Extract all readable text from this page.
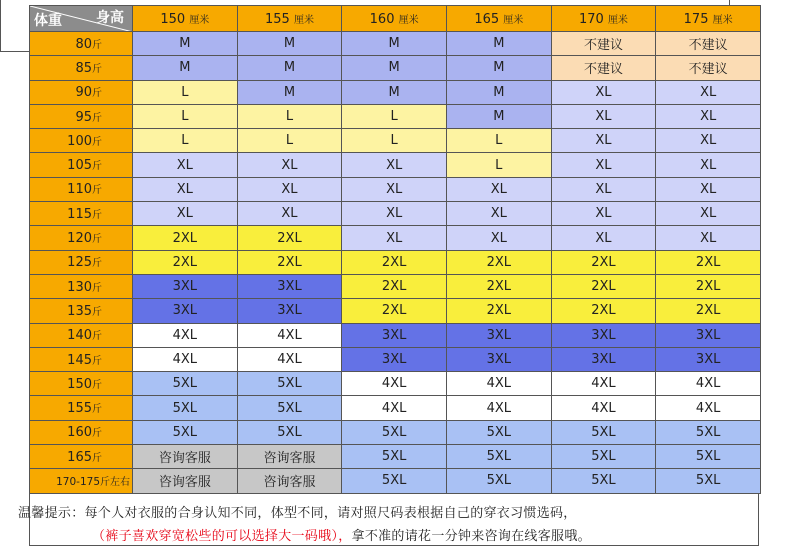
身高
体重	150 厘米	155 厘米	160 厘米	165 厘米	170 厘米	175 厘米
80斤	M	M	M	M	不建议	不建议
85斤	M	M	M	M	不建议	不建议
90斤	L	M	M	M	XL	XL
95斤	L	L	L	M	XL	XL
100斤	L	L	L	L	XL	XL
105斤	XL	XL	XL	L	XL	XL
110斤	XL	XL	XL	XL	XL	XL
115斤	XL	XL	XL	XL	XL	XL
120斤	2XL	2XL	XL	XL	XL	XL
125斤	2XL	2XL	2XL	2XL	2XL	2XL
130斤	3XL	3XL	2XL	2XL	2XL	2XL
135斤	3XL	3XL	2XL	2XL	2XL	2XL
140斤	4XL	4XL	3XL	3XL	3XL	3XL
145斤	4XL	4XL	3XL	3XL	3XL	3XL
150斤	5XL	5XL	4XL	4XL	4XL	4XL
155斤	5XL	5XL	4XL	4XL	4XL	4XL
160斤	5XL	5XL	5XL	5XL	5XL	5XL
165斤	咨询客服	咨询客服	5XL	5XL	5XL	5XL
170-175斤左右	咨询客服	咨询客服	5XL	5XL	5XL	5XL
温馨提示：每个人对衣服的合身认知不同，体型不同，请对照尺码表根据自己的穿衣习惯选码，
（裤子喜欢穿宽松些的可以选择大一码哦），拿不准的请花一分钟来咨询在线客服哦。
